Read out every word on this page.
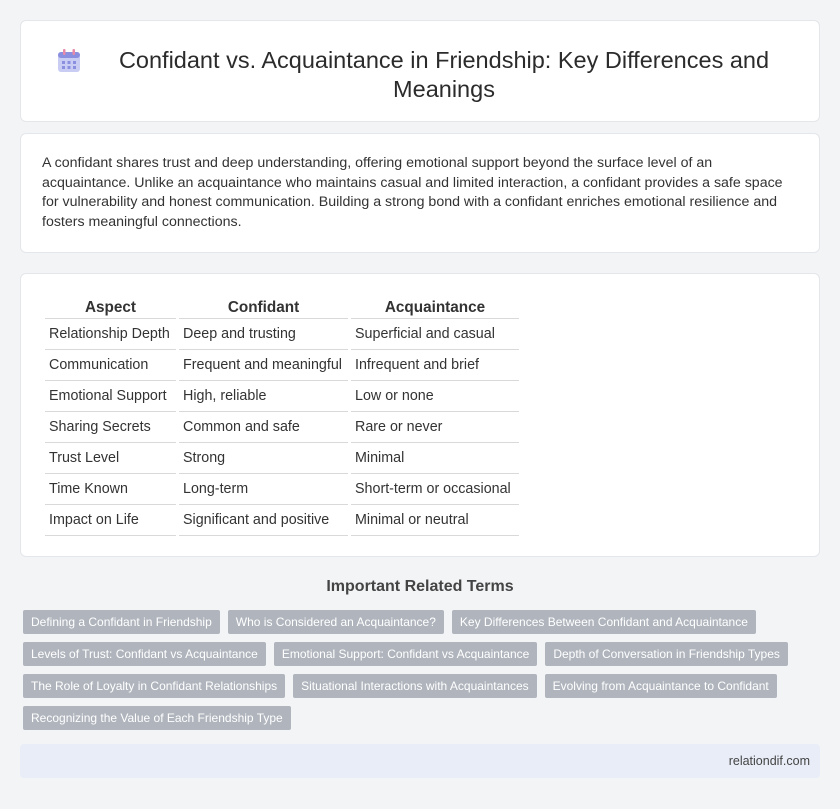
Confidant vs. Acquaintance in Friendship: Key Differences and Meanings

A confidant shares trust and deep understanding, offering emotional support beyond the surface level of an acquaintance. Unlike an acquaintance who maintains casual and limited interaction, a confidant provides a safe space for vulnerability and honest communication. Building a strong bond with a confidant enriches emotional resilience and fosters meaningful connections.

Aspect	Confidant	Acquaintance
Relationship Depth	Deep and trusting	Superficial and casual
Communication	Frequent and meaningful	Infrequent and brief
Emotional Support	High, reliable	Low or none
Sharing Secrets	Common and safe	Rare or never
Trust Level	Strong	Minimal
Time Known	Long-term	Short-term or occasional
Impact on Life	Significant and positive	Minimal or neutral
Important Related Terms
Defining a Confidant in Friendship	Who is Considered an Acquaintance?	Key Differences Between Confidant and Acquaintance
Levels of Trust: Confidant vs Acquaintance	Emotional Support: Confidant vs Acquaintance	Depth of Conversation in Friendship Types
The Role of Loyalty in Confidant Relationships	Situational Interactions with Acquaintances	Evolving from Acquaintance to Confidant
Recognizing the Value of Each Friendship Type
relationdif.com
